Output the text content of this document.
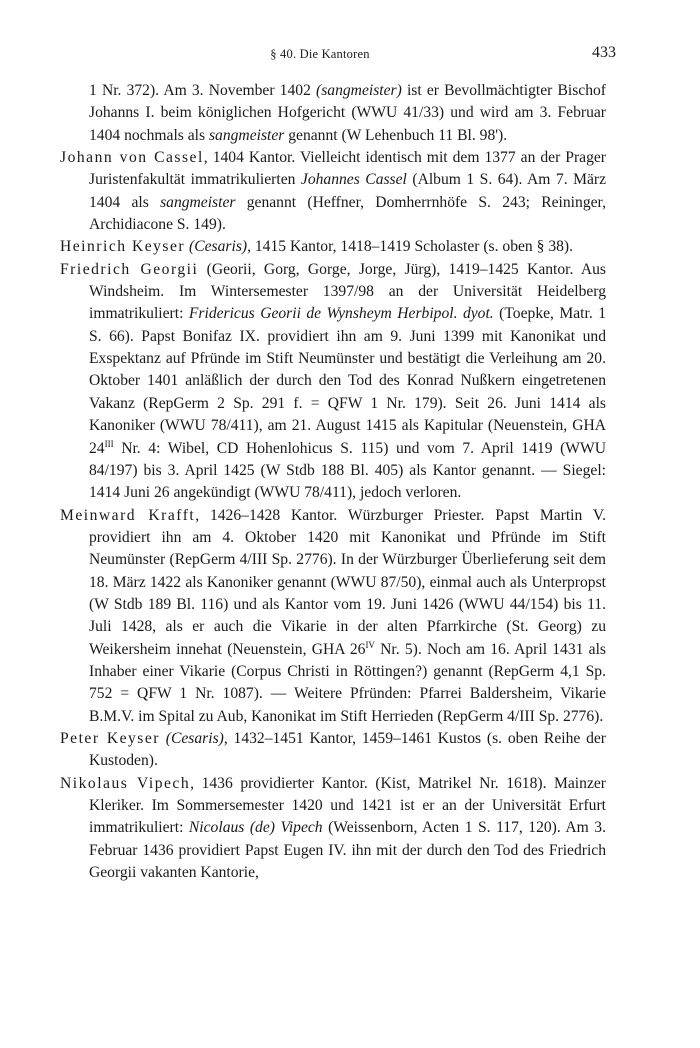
§ 40. Die Kantoren	433

1 Nr. 372). Am 3. November 1402 (sangmeister) ist er Bevollmächtigter Bischof Johanns I. beim königlichen Hofgericht (WWU 41/33) und wird am 3. Februar 1404 nochmals als sangmeister genannt (W Lehenbuch 11 Bl. 98').

Johann von Cassel, 1404 Kantor. Vielleicht identisch mit dem 1377 an der Prager Juristenfakultät immatrikulierten Johannes Cassel (Album 1 S. 64). Am 7. März 1404 als sangmeister genannt (Heffner, Domherrnhöfe S. 243; Reininger, Archidiacone S. 149).

Heinrich Keyser (Cesaris), 1415 Kantor, 1418–1419 Scholaster (s. oben § 38).

Friedrich Georgii (Georii, Gorg, Gorge, Jorge, Jürg), 1419–1425 Kantor. Aus Windsheim. Im Wintersemester 1397/98 an der Universität Heidelberg immatrikuliert: Fridericus Georii de Wynsheym Herbipol. dyot. (Toepke, Matr. 1 S. 66). Papst Bonifaz IX. providiert ihn am 9. Juni 1399 mit Kanonikat und Exspektanz auf Pfründe im Stift Neumünster und bestätigt die Verleihung am 20. Oktober 1401 anläßlich der durch den Tod des Konrad Nußkern eingetretenen Vakanz (RepGerm 2 Sp. 291 f. = QFW 1 Nr. 179). Seit 26. Juni 1414 als Kanoniker (WWU 78/411), am 21. August 1415 als Kapitular (Neuenstein, GHA $24^{III}$ Nr. 4: Wibel, CD Hohenlohicus S. 115) und vom 7. April 1419 (WWU 84/197) bis 3. April 1425 (W Stdb 188 Bl. 405) als Kantor genannt. — Siegel: 1414 Juni 26 angekündigt (WWU 78/411), jedoch verloren.

Meinward Krafft, 1426–1428 Kantor. Würzburger Priester. Papst Martin V. providiert ihn am 4. Oktober 1420 mit Kanonikat und Pfründe im Stift Neumünster (RepGerm 4/III Sp. 2776). In der Würzburger Überlieferung seit dem 18. März 1422 als Kanoniker genannt (WWU 87/50), einmal auch als Unterpropst (W Stdb 189 Bl. 116) und als Kantor vom 19. Juni 1426 (WWU 44/154) bis 11. Juli 1428, als er auch die Vikarie in der alten Pfarrkirche (St. Georg) zu Weikersheim innehat (Neuenstein, GHA $26^{IV}$ Nr. 5). Noch am 16. April 1431 als Inhaber einer Vikarie (Corpus Christi in Röttingen?) genannt (RepGerm 4,1 Sp. 752 = QFW 1 Nr. 1087). — Weitere Pfründen: Pfarrei Baldersheim, Vikarie B.M.V. im Spital zu Aub, Kanonikat im Stift Herrieden (RepGerm 4/III Sp. 2776).

Peter Keyser (Cesaris), 1432–1451 Kantor, 1459–1461 Kustos (s. oben Reihe der Kustoden).

Nikolaus Vipech, 1436 providierter Kantor. (Kist, Matrikel Nr. 1618). Mainzer Kleriker. Im Sommersemester 1420 und 1421 ist er an der Universität Erfurt immatrikuliert: Nicolaus (de) Vipech (Weissenborn, Acten 1 S. 117, 120). Am 3. Februar 1436 providiert Papst Eugen IV. ihn mit der durch den Tod des Friedrich Georgii vakanten Kantorie,
